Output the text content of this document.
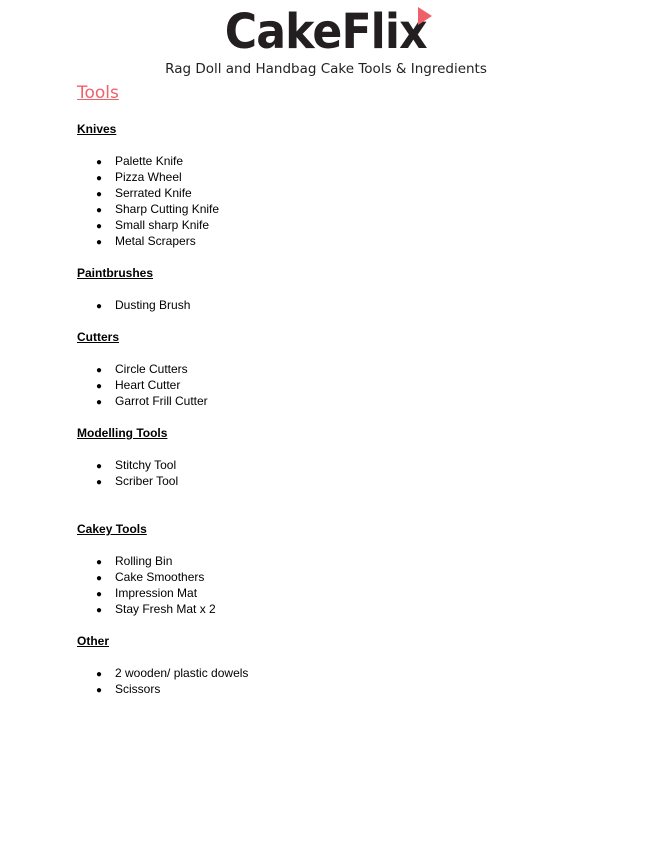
CakeFlix
Rag Doll and Handbag Cake Tools & Ingredients
Tools
Knives
● Palette Knife
● Pizza Wheel
● Serrated Knife
● Sharp Cutting Knife
● Small sharp Knife
● Metal Scrapers
Paintbrushes
● Dusting Brush
Cutters
● Circle Cutters
● Heart Cutter
● Garrot Frill Cutter
Modelling Tools
● Stitchy Tool
● Scriber Tool
Cakey Tools
● Rolling Bin
● Cake Smoothers
● Impression Mat
● Stay Fresh Mat x 2
Other
● 2 wooden/ plastic dowels
● Scissors
